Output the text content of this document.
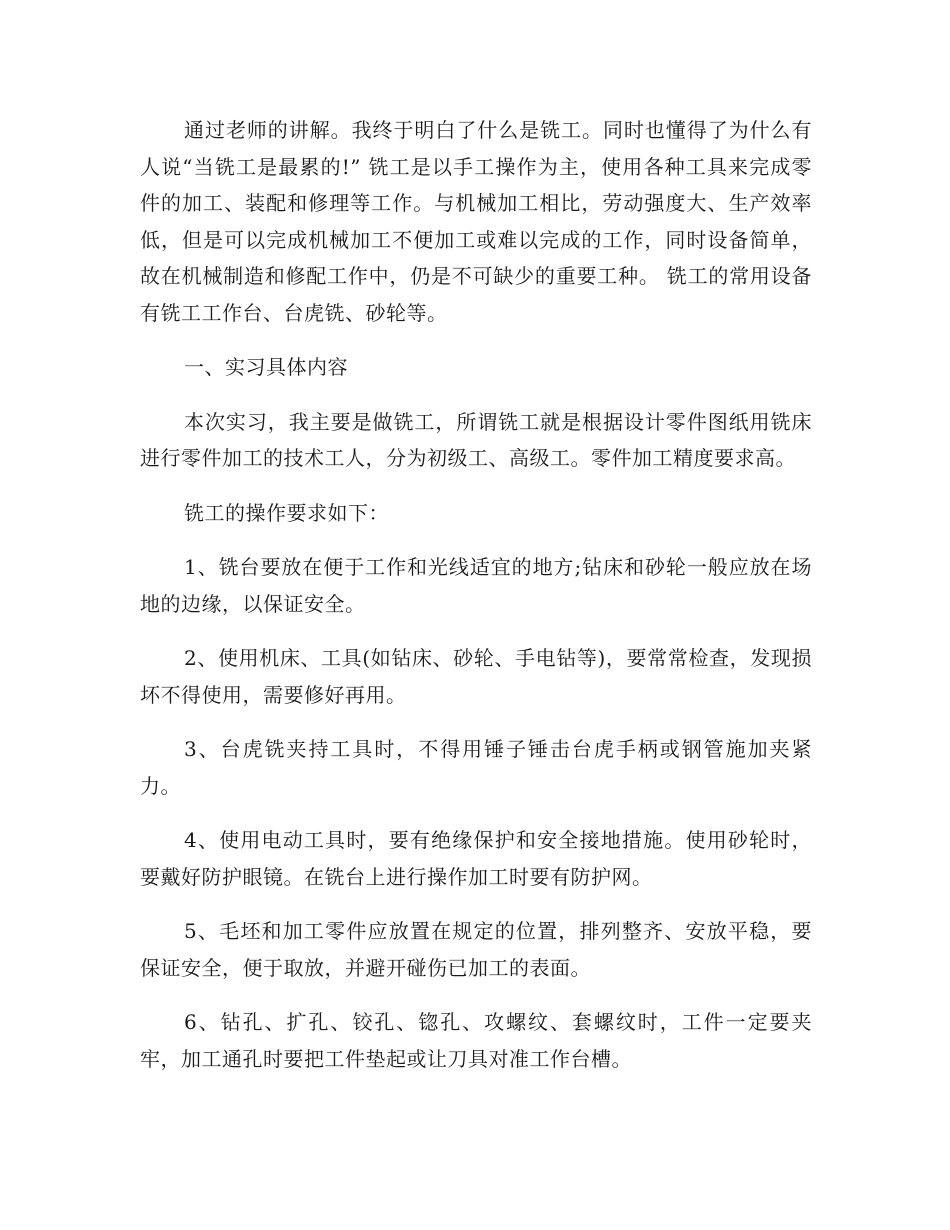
通过老师的讲解。我终于明白了什么是铣工。同时也懂得了为什么有人说“当铣工是最累的!” 铣工是以手工操作为主，使用各种工具来完成零件的加工、装配和修理等工作。与机械加工相比，劳动强度大、生产效率低，但是可以完成机械加工不便加工或难以完成的工作，同时设备简单，故在机械制造和修配工作中，仍是不可缺少的重要工种。 铣工的常用设备有铣工工作台、台虎铣、砂轮等。

一、实习具体内容

本次实习，我主要是做铣工，所谓铣工就是根据设计零件图纸用铣床进行零件加工的技术工人，分为初级工、高级工。零件加工精度要求高。

铣工的操作要求如下：

1、铣台要放在便于工作和光线适宜的地方;钻床和砂轮一般应放在场地的边缘，以保证安全。

2、使用机床、工具(如钻床、砂轮、手电钻等)，要常常检查，发现损坏不得使用，需要修好再用。

3、台虎铣夹持工具时，不得用锤子锤击台虎手柄或钢管施加夹紧力。

4、使用电动工具时，要有绝缘保护和安全接地措施。使用砂轮时，要戴好防护眼镜。在铣台上进行操作加工时要有防护网。

5、毛坯和加工零件应放置在规定的位置，排列整齐、安放平稳，要保证安全，便于取放，并避开碰伤已加工的表面。

6、钻孔、扩孔、铰孔、锪孔、攻螺纹、套螺纹时，工件一定要夹牢，加工通孔时要把工件垫起或让刀具对准工作台槽。
